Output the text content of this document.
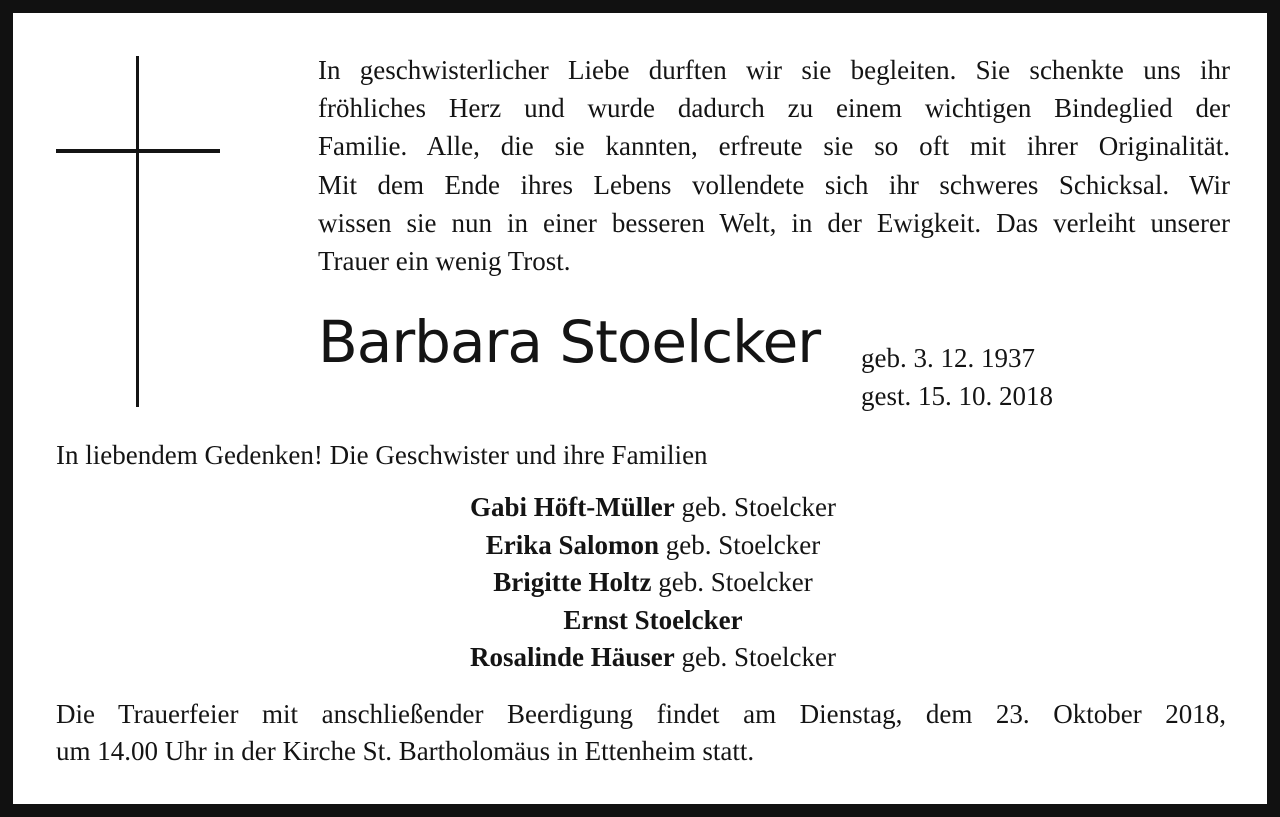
In geschwisterlicher Liebe durften wir sie begleiten. Sie schenkte uns ihr
fröhliches Herz und wurde dadurch zu einem wichtigen Bindeglied der
Familie. Alle, die sie kannten, erfreute sie so oft mit ihrer Originalität.
Mit dem Ende ihres Lebens vollendete sich ihr schweres Schicksal. Wir
wissen sie nun in einer besseren Welt, in der Ewigkeit. Das verleiht unserer
Trauer ein wenig Trost.

Barbara Stoelcker geb. 3. 12. 1937
gest. 15. 10. 2018

In liebendem Gedenken! Die Geschwister und ihre Familien

Gabi Höft-Müller geb. Stoelcker
Erika Salomon geb. Stoelcker
Brigitte Holtz geb. Stoelcker
Ernst Stoelcker
Rosalinde Häuser geb. Stoelcker

Die Trauerfeier mit anschließender Beerdigung findet am Dienstag, dem 23. Oktober 2018,
um 14.00 Uhr in der Kirche St. Bartholomäus in Ettenheim statt.
